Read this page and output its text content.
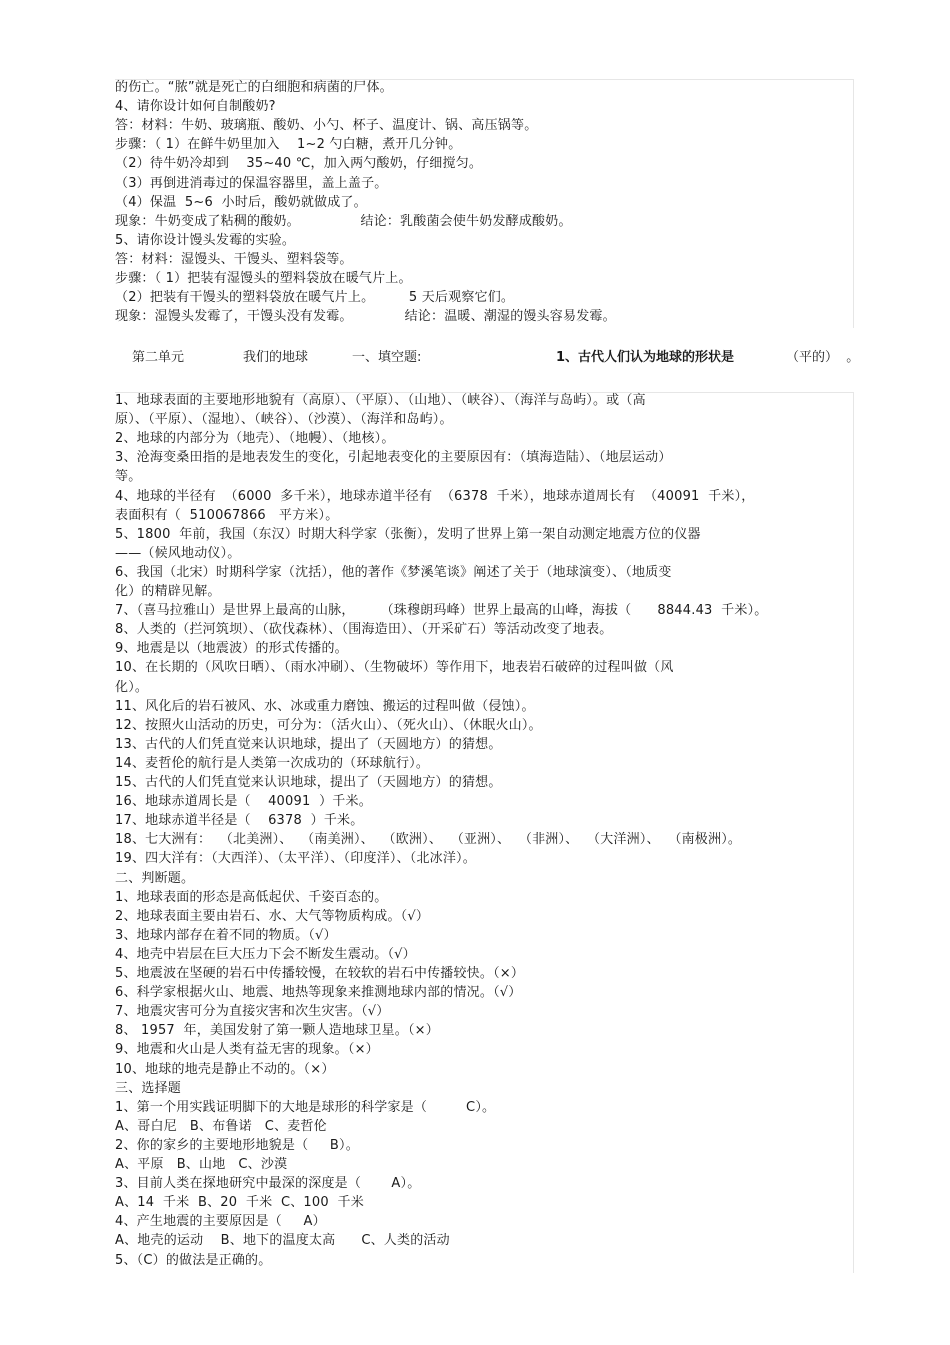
的伤亡。“脓”就是死亡的白细胞和病菌的尸体。
4、请你设计如何自制酸奶?
答：材料：牛奶、玻璃瓶、酸奶、小勺、杯子、温度计、锅、高压锅等。
步骤：（ 1）在鲜牛奶里加入    1~2 勺白糖，煮开几分钟。
（2）待牛奶冷却到    35~40 ℃，加入两勺酸奶，仔细搅匀。
（3）再倒进消毒过的保温容器里，盖上盖子。
（4）保温  5~6  小时后，酸奶就做成了。
现象：牛奶变成了粘稠的酸奶。              结论：乳酸菌会使牛奶发酵成酸奶。
5、请你设计馒头发霉的实验。
答：材料：湿馒头、干馒头、塑料袋等。
步骤：（ 1）把装有湿馒头的塑料袋放在暖气片上。
（2）把装有干馒头的塑料袋放在暖气片上。        5 天后观察它们。
现象：湿馒头发霉了，干馒头没有发霉。            结论：温暖、潮湿的馒头容易发霉。
第二单元	我们的地球	一、填空题:	1、古代人们认为地球的形状是	（平的）  。
1、地球表面的主要地形地貌有（高原）、（平原）、（山地）、（峡谷）、（海洋与岛屿）。或（高
原）、（平原）、（湿地）、（峡谷）、（沙漠）、（海洋和岛屿）。
2、地球的内部分为（地壳）、（地幔）、（地核）。
3、沧海变桑田指的是地表发生的变化，引起地表变化的主要原因有：（填海造陆）、（地层运动）
等。
4、地球的半径有  （6000  多千米），地球赤道半径有  （6378  千米），地球赤道周长有  （40091  千米），
表面积有（  510067866   平方米）。
5、1800  年前，我国（东汉）时期大科学家（张衡），发明了世界上第一架自动测定地震方位的仪器
——（候风地动仪）。
6、我国（北宋）时期科学家（沈括），他的著作《梦溪笔谈》阐述了关于（地球演变）、（地质变
化）的精辟见解。
7、（喜马拉雅山）是世界上最高的山脉，      （珠穆朗玛峰）世界上最高的山峰，海拔（      8844.43  千米）。
8、人类的（拦河筑坝）、（砍伐森林）、（围海造田）、（开采矿石）等活动改变了地表。
9、地震是以（地震波）的形式传播的。
10、在长期的（风吹日晒）、（雨水冲刷）、（生物破坏）等作用下，地表岩石破碎的过程叫做（风
化）。
11、风化后的岩石被风、水、冰或重力磨蚀、搬运的过程叫做（侵蚀）。
12、按照火山活动的历史，可分为：（活火山）、（死火山）、（休眠火山）。
13、古代的人们凭直觉来认识地球，提出了（天圆地方）的猜想。
14、麦哲伦的航行是人类第一次成功的（环球航行）。
15、古代的人们凭直觉来认识地球，提出了（天圆地方）的猜想。
16、地球赤道周长是（    40091  ）千米。
17、地球赤道半径是（    6378  ）千米。
18、七大洲有：  （北美洲）、  （南美洲）、  （欧洲）、  （亚洲）、  （非洲）、  （大洋洲）、  （南极洲）。
19、四大洋有：（大西洋）、（太平洋）、（印度洋）、（北冰洋）。
二、判断题。
1、地球表面的形态是高低起伏、千姿百态的。
2、地球表面主要由岩石、水、大气等物质构成。（√）
3、地球内部存在着不同的物质。（√）
4、地壳中岩层在巨大压力下会不断发生震动。（√）
5、地震波在坚硬的岩石中传播较慢，在较软的岩石中传播较快。（×）
6、科学家根据火山、地震、地热等现象来推测地球内部的情况。（√）
7、地震灾害可分为直接灾害和次生灾害。（√）
8、 1957  年，美国发射了第一颗人造地球卫星。（×）
9、地震和火山是人类有益无害的现象。（×）
10、地球的地壳是静止不动的。（×）
三、选择题
1、第一个用实践证明脚下的大地是球形的科学家是（         C）。
A、哥白尼   B、布鲁诺   C、麦哲伦
2、你的家乡的主要地形地貌是（     B）。
A、平原   B、山地   C、沙漠
3、目前人类在探地研究中最深的深度是（       A）。
A、14  千米  B、20  千米  C、100  千米
4、产生地震的主要原因是（     A）
A、地壳的运动    B、地下的温度太高      C、人类的活动
5、（C）的做法是正确的。
